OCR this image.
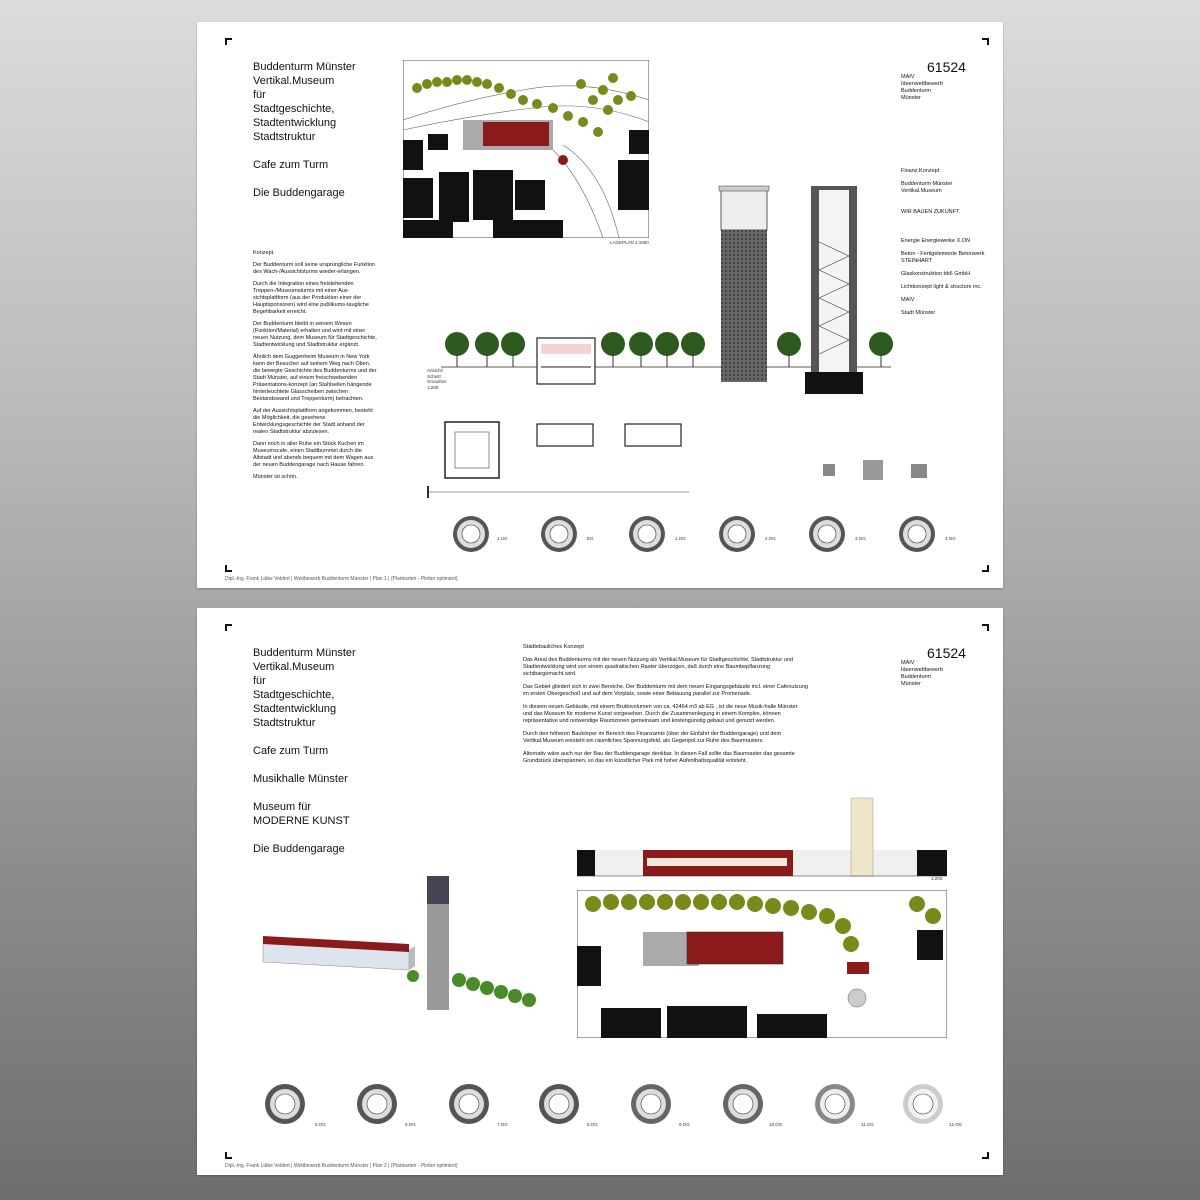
Buddenturm Münster
Vertikal.Museum
für
Stadtgeschichte,
Stadtentwicklung
Stadtstruktur
Cafe zum Turm
Die Buddengarage
61524
MAIV
Ideenwettbewerb
Buddenturm
Münster

Konzept.

Der Buddenturm soll seine ursprüngliche Funktion des Wach-/Aussichtsturms wieder-erlangen.

Durch die Integration eines freistehenden Treppen-/Museumsturms mit einer Aus-sichtsplattform (aus der Produktion einer der Hauptsponsoren) wird eine publikums-taugliche Begehbarkeit erreicht.

Der Buddenturm bleibt in seinem Wesen (Funktion/Material) erhalten und wird mit einer neuen Nutzung, dem Museum für Stadtgeschichte, Stadtentwicklung und Stadtstruktur ergänzt.

Ähnlich dem Guggenheim Museum in New York kann der Besucher auf seinem Weg nach Oben, die bewegte Geschichte des Buddenturms und der Stadt Münster, auf einem freischwebenden Präsentations-konzept (an Stahlseilen hängende hinterleuchtete Glasscheiben zwischen Bestandswand und Treppenturm) betrachten.

Auf der Aussichtsplattform angekommen, besteht die Möglichkeit, die gesehene Entwicklungsgeschichte der Stadt anhand der realen Stadtstruktur abzulesen.

Dann noch in aller Ruhe ein Stück Kuchen im Museumscafe, einen Stadtbummel durch die Altstadt und abends bequem mit dem Wagen aus der neuen Buddengarage nach Hause fahren.

Münster ist schön.

LAGEPLAN 1:1000
Ansicht/
Schnitt
Grundriss
1:200

Finanz.Konzept

Buddenturm Münster Vertikal.Museum

WIR BAUEN ZUKUNFT.

Energie Energiewerke X.ON

Beton - Fertigelemente Betonwerk STEINHART

Glaskonstruktion bb6 GmbH

Lichtkonzept light & structure inc.

MAIV

Stadt Münster

1.UG	EG	1.OG	2.OG	3.OG	4.OG
Dipl.-Ing. Frank Lütke Veldert | Wettbewerb Buddenturm Münster | Plan 1 | (Plankarten - Plotter optimiert)
Buddenturm Münster
Vertikal.Museum
für
Stadtgeschichte,
Stadtentwicklung
Stadtstruktur
Cafe zum Turm
Musikhalle Münster
Museum für
MODERNE KUNST
Die Buddengarage
61524
MAIV
Ideenwettbewerb
Buddenturm
Münster

Städtebauliches Konzept

Das Areal des Buddenturms mit der neuen Nutzung als Vertikal.Museum für Stadtgeschichte, Stadtstruktur und Stadtentwicklung wird von einem quadratischen Raster überzogen, daß durch eine Baumbepflanzung sichtbargemacht wird.

Das Gebiet gliedert sich in zwei Bereiche. Der Buddenturm mit dem neuen Eingangsgebäude incl. einer Cafenutzung im ersten Obergeschoß und auf dem Vorplatz, sowie einer Bebauung parallel zur Promenade.

In diesem neuen Gebäude, mit einem Bruttovolumen von ca. 42464 m3 ab EG , ist die neue Musik-halle Münster und das Museum für moderne Kunst vorgesehen. Durch die Zusammenlegung in einem Komplex, können repräsentative und notwendige Raumzonen gemeinsam und kostengünstig gebaut und genutzt werden.

Durch den höheren Baukörper im Bereich des Finanzamts (über der Einfahrt der Buddengarage) und dem Vertikal.Museum entsteht ein räumliches Spannungsfeld, als Gegenpol zur Ruhe des Baumrasters.

Alternativ wäre auch nur der Bau der Buddengarage denkbar. In diesen Fall sollte das Baumraster das gesamte Grundstück überspannen, so das ein künstlicher Park mit hoher Aufenthaltsqualität entsteht.

1:200
5.OG	6.OG	7.OG	8.OG	9.OG	10.OG	11.OG	12.OG
Dipl.-Ing. Frank Lütke Veldert | Wettbewerb Buddenturm Münster | Plan 2 | (Plankarten - Plotter optimiert)
